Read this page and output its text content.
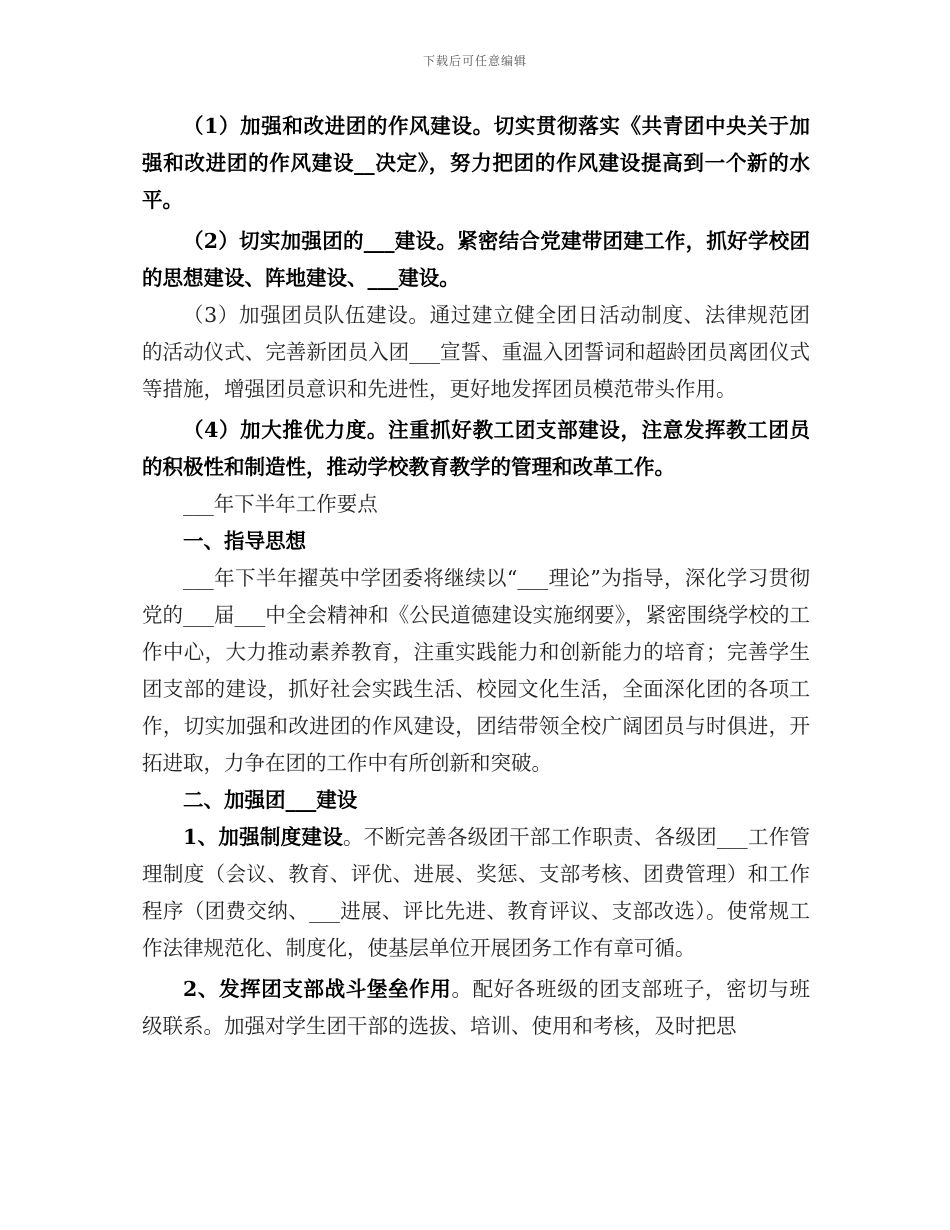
下载后可任意编辑

（1）加强和改进团的作风建设。切实贯彻落实《共青团中央关于加强和改进团的作风建设__决定》，努力把团的作风建设提高到一个新的水平。

（2）切实加强团的___建设。紧密结合党建带团建工作，抓好学校团的思想建设、阵地建设、___建设。

（3）加强团员队伍建设。通过建立健全团日活动制度、法律规范团的活动仪式、完善新团员入团___宣誓、重温入团誓词和超龄团员离团仪式等措施，增强团员意识和先进性，更好地发挥团员模范带头作用。

（4）加大推优力度。注重抓好教工团支部建设，注意发挥教工团员的积极性和制造性，推动学校教育教学的管理和改革工作。

___年下半年工作要点

一、指导思想

___年下半年擢英中学团委将继续以“___理论”为指导，深化学习贯彻党的___届___中全会精神和《公民道德建设实施纲要》，紧密围绕学校的工作中心，大力推动素养教育，注重实践能力和创新能力的培育；完善学生团支部的建设，抓好社会实践生活、校园文化生活，全面深化团的各项工作，切实加强和改进团的作风建设，团结带领全校广阔团员与时俱进，开拓进取，力争在团的工作中有所创新和突破。

二、加强团___建设

1、加强制度建设。不断完善各级团干部工作职责、各级团___工作管理制度（会议、教育、评优、进展、奖惩、支部考核、团费管理）和工作程序（团费交纳、___进展、评比先进、教育评议、支部改选）。使常规工作法律规范化、制度化，使基层单位开展团务工作有章可循。

2、发挥团支部战斗堡垒作用。配好各班级的团支部班子，密切与班级联系。加强对学生团干部的选拔、培训、使用和考核，及时把思
